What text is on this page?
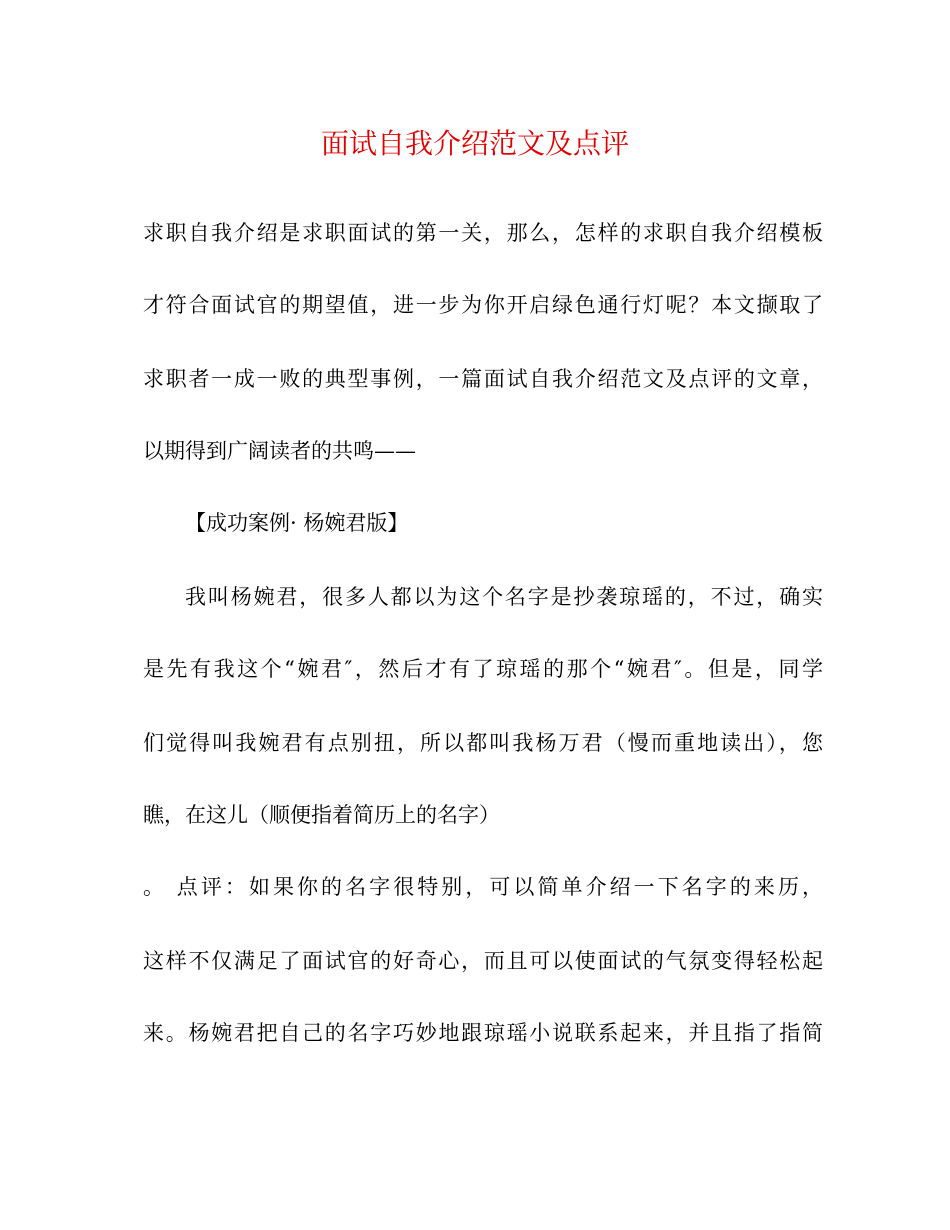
面试自我介绍范文及点评

求职自我介绍是求职面试的第一关，那么，怎样的求职自我介绍模板

才符合面试官的期望值，进一步为你开启绿色通行灯呢？本文撷取了

求职者一成一败的典型事例，一篇面试自我介绍范文及点评的文章，

以期得到广阔读者的共鸣——

【成功案例· 杨婉君版】

我叫杨婉君，很多人都以为这个名字是抄袭琼瑶的，不过，确实

是先有我这个“婉君″，然后才有了琼瑶的那个“婉君″。但是，同学

们觉得叫我婉君有点别扭，所以都叫我杨万君（慢而重地读出），您

瞧，在这儿（顺便指着简历上的名字）

。 点评：如果你的名字很特别，可以简单介绍一下名字的来历，

这样不仅满足了面试官的好奇心，而且可以使面试的气氛变得轻松起

来。杨婉君把自己的名字巧妙地跟琼瑶小说联系起来，并且指了指简
